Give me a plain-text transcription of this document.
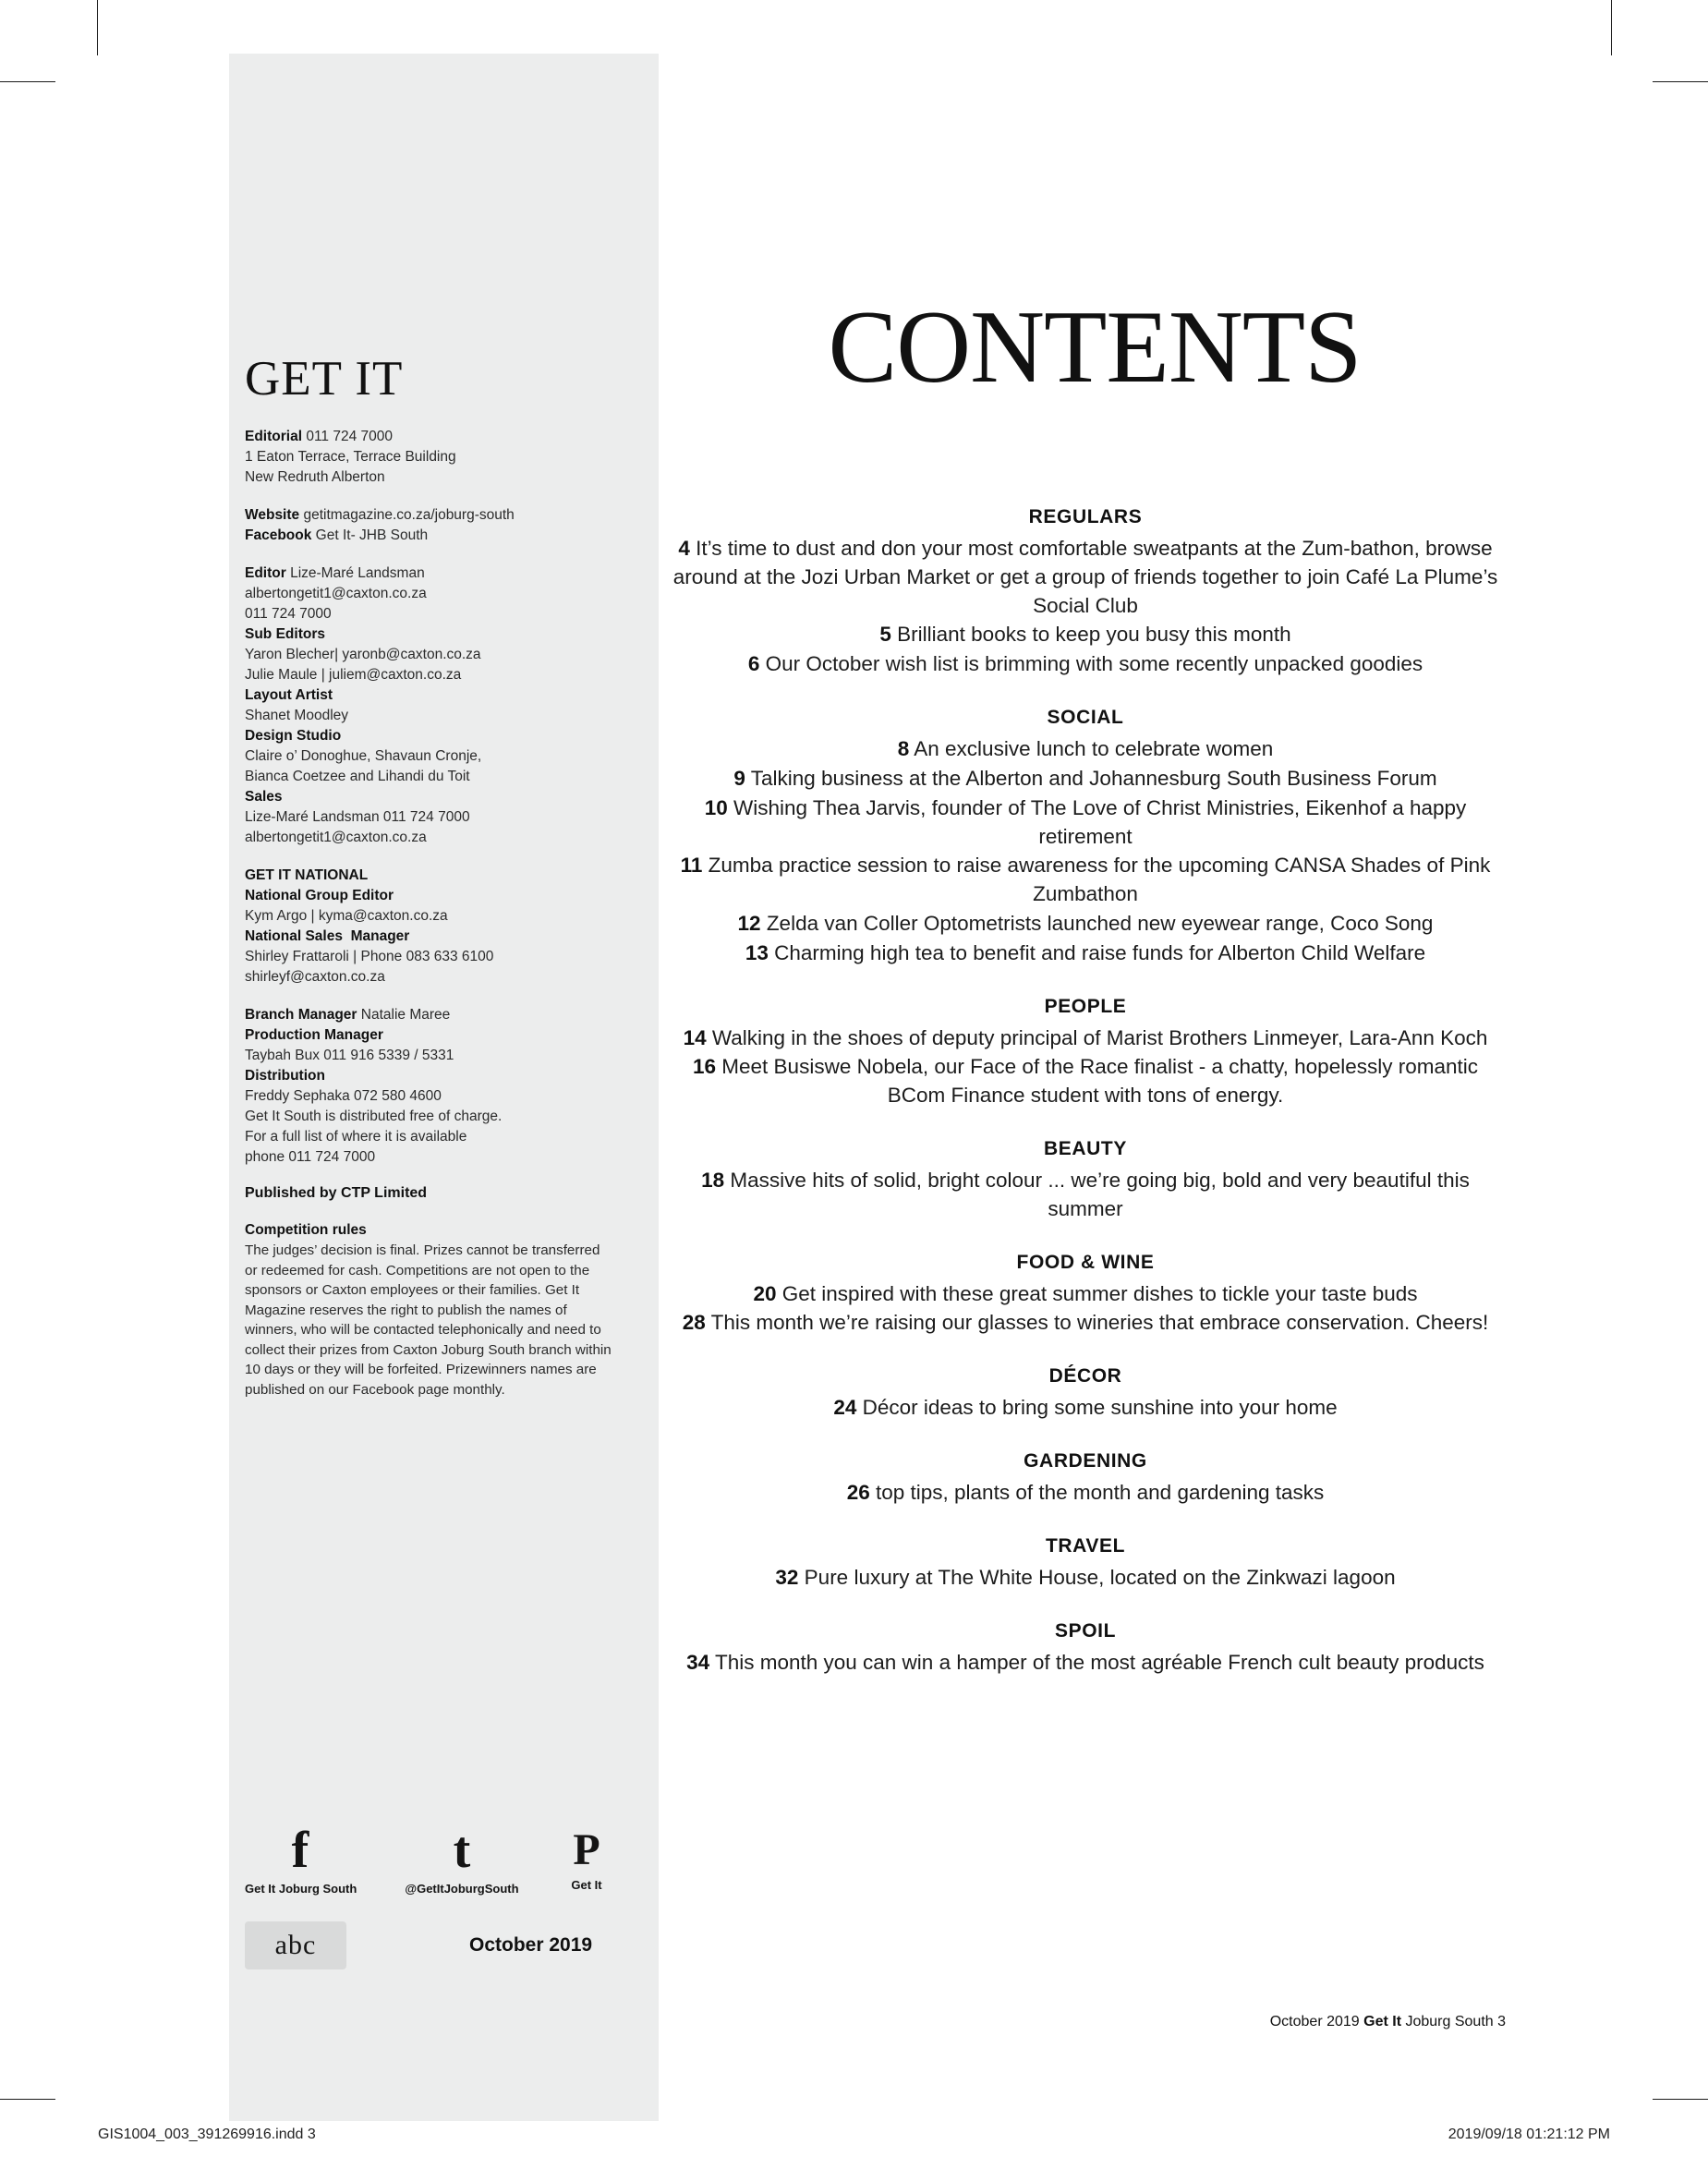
GET IT
Editorial 011 724 7000
1 Eaton Terrace, Terrace Building
New Redruth Alberton
Website getitmagazine.co.za/joburg-south
Facebook Get It- JHB South
Editor Lize-Maré Landsman
albertongetit1@caxton.co.za
011 724 7000
Sub Editors
Yaron Blecher| yaronb@caxton.co.za
Julie Maule | juliem@caxton.co.za
Layout Artist
Shanet Moodley
Design Studio
Claire o’ Donoghue, Shavaun Cronje,
Bianca Coetzee and Lihandi du Toit
Sales
Lize-Maré Landsman 011 724 7000
albertongetit1@caxton.co.za
GET IT NATIONAL
National Group Editor
Kym Argo | kyma@caxton.co.za
National Sales  Manager
Shirley Frattaroli | Phone 083 633 6100
shirleyf@caxton.co.za
Branch Manager Natalie Maree
Production Manager
Taybah Bux 011 916 5339 / 5331
Distribution
Freddy Sephaka 072 580 4600
Get It South is distributed free of charge.
For a full list of where it is available
phone 011 724 7000
Published by CTP Limited
Competition rules
The judges’ decision is final. Prizes cannot be transferred or redeemed for cash. Competitions are not open to the sponsors or Caxton employees or their families. Get It Magazine reserves the right to publish the names of winners, who will be contacted telephonically and need to collect their prizes from Caxton Joburg South branch within 10 days or they will be forfeited. Prizewinners names are published on our Facebook page monthly.
f
Get It Joburg South
t
@GetItJoburgSouth
P
Get It
abc	October 2019
CONTENTS
REGULARS
4 It’s time to dust and don your most comfortable sweatpants at the Zum-bathon, browse around at the Jozi Urban Market or get a group of friends together to join Café La Plume’s Social Club
5 Brilliant books to keep you busy this month
6 Our October wish list is brimming with some recently unpacked goodies
SOCIAL
8 An exclusive lunch to celebrate women
9 Talking business at the Alberton and Johannesburg South Business Forum
10 Wishing Thea Jarvis, founder of The Love of Christ Ministries, Eikenhof a happy retirement
11 Zumba practice session to raise awareness for the upcoming CANSA Shades of Pink Zumbathon
12 Zelda van Coller Optometrists launched new eyewear range, Coco Song
13 Charming high tea to benefit and raise funds for Alberton Child Welfare
PEOPLE
14 Walking in the shoes of deputy principal of Marist Brothers Linmeyer, Lara-Ann Koch
16 Meet Busiswe Nobela, our Face of the Race finalist - a chatty, hopelessly romantic BCom Finance student with tons of energy.
BEAUTY
18 Massive hits of solid, bright colour ... we’re going big, bold and very beautiful this summer
FOOD & WINE
20 Get inspired with these great summer dishes to tickle your taste buds
28 This month we’re raising our glasses to wineries that embrace conservation. Cheers!
DÉCOR
24 Décor ideas to bring some sunshine into your home
GARDENING
26 top tips, plants of the month and gardening tasks
TRAVEL
32 Pure luxury at The White House, located on the Zinkwazi lagoon
SPOIL
34 This month you can win a hamper of the most agréable French cult beauty products
October 2019 Get It Joburg South 3
GIS1004_003_391269916.indd 3	2019/09/18 01:21:12 PM
